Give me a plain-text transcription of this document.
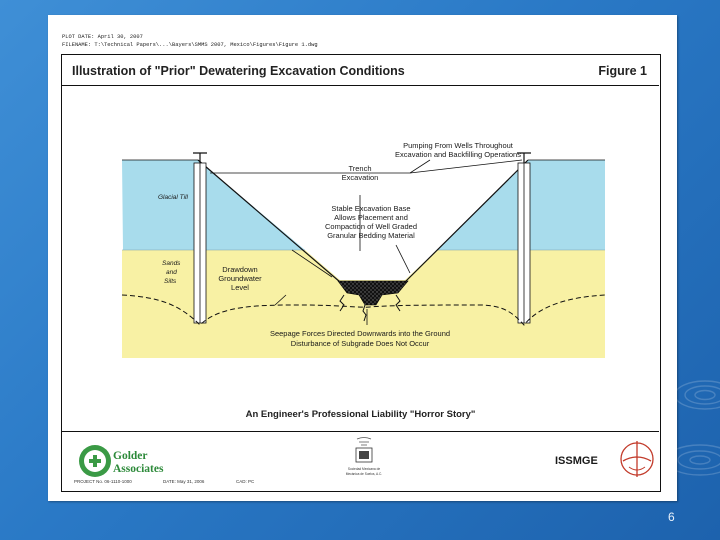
PLOT DATE: April 30, 2007
FILENAME: T:\Technical Papers\...\Bayers\SMMS 2007, Mexico\Figures\Figure 1.dwg
Illustration of "Prior" Dewatering Excavation Conditions	Figure 1
An Engineer's Professional Liability "Horror Story"
Golder
Associates	Sociedad Mexicana de
Mecánica de Suelos, A.C.
ISSMGE
PROJECT No. 06-1110-1000	DATE: May 31, 2006	CAD: PC
Pumping From Wells Throughout
Excavation and Backfilling Operations
Trench
Excavation
Glacial Till
Sands
and
Silts
Stable Excavation Base
Allows Placement and
Compaction of Well Graded
Granular Bedding Material
Drawdown
Groundwater
Level
Seepage Forces Directed Downwards into the Ground
Disturbance of Subgrade Does Not Occur
6
